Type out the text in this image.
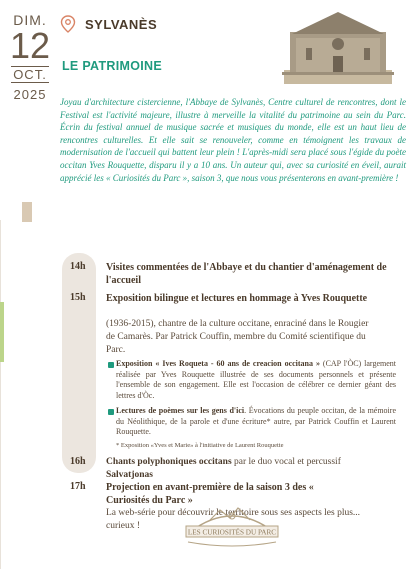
DIM.
12
OCT.
2025
SYLVANÈS
LE PATRIMOINE

Joyau d'architecture cistercienne, l'Abbaye de Sylvanès, Centre culturel de rencontres, dont le Festival est l'activité majeure, illustre à merveille la vitalité du patrimoine au sein du Parc. Écrin du festival annuel de musique sacrée et musiques du monde, elle est un haut lieu de rencontres culturelles. Et elle sait se renouveler, comme en témoignent les travaux de modernisation de l'accueil qui battent leur plein ! L'après-midi sera placé sous l'égide du poète occitan Yves Rouquette, disparu il y a 10 ans. Un auteur qui, avec sa curiosité en éveil, aurait apprécié les « Curiosités du Parc », saison 3, que nous vous présenterons en avant-première !

14h Visites commentées de l'Abbaye et du chantier d'aménagement de l'accueil
15h Exposition bilingue et lectures en hommage à Yves Rouquette
(1936-2015), chantre de la culture occitane, enraciné dans le Rougier de Camarès. Par Patrick Couffin, membre du Comité scientifique du Parc.
Exposition « Ives Roqueta - 60 ans de creacion occitana » (CAP l'ÒC) largement réalisée par Yves Rouquette illustrée de ses documents personnels et présente l'ensemble de son engagement. Elle est l'occasion de célébrer ce dernier géant des lettres d'Òc.
Lectures de poèmes sur les gens d'ici. Évocations du peuple occitan, de la mémoire du Néolithique, de la parole et d'une écriture* autre, par Patrick Couffin et Laurent Rouquette.
* Exposition «Yves et Marie» à l'initiative de Laurent Rouquette
16h Chants polyphoniques occitans par le duo vocal et percussif Salvatjonas
17h Projection en avant-première de la saison 3 des « Curiosités du Parc »
La web-série pour découvrir le territoire sous ses aspects les plus... curieux !
LES CURIOSITÉS DU PARC
